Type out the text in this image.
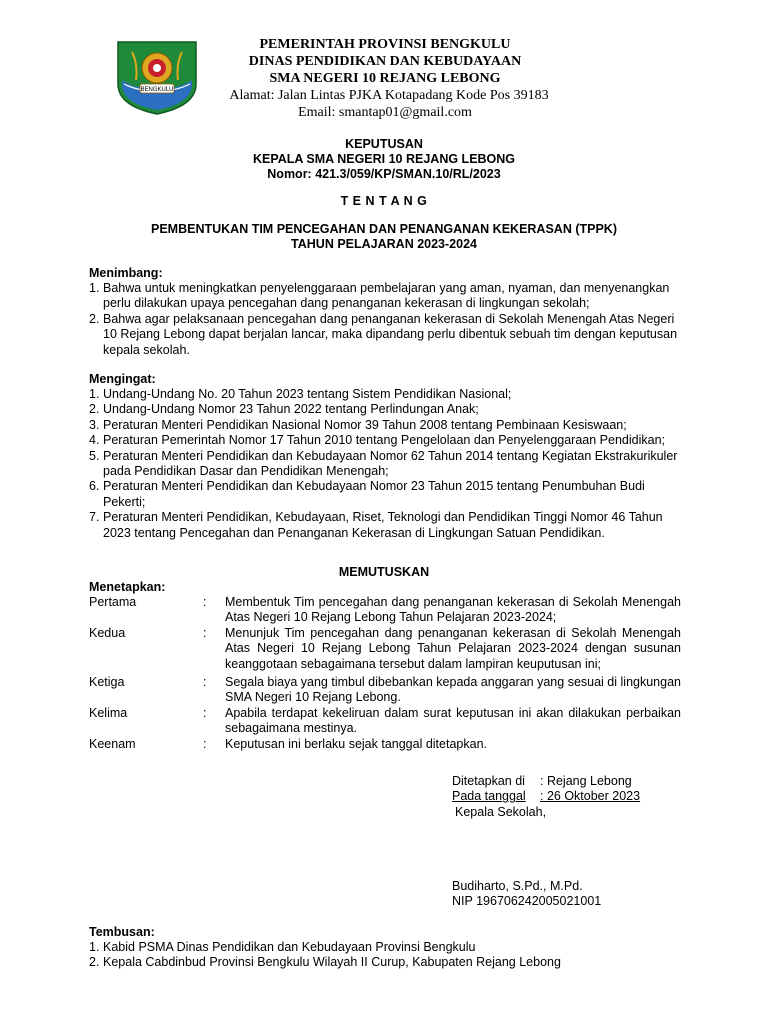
BENGKULU
PEMERINTAH PROVINSI BENGKULU
DINAS PENDIDIKAN DAN KEBUDAYAAN
SMA NEGERI 10 REJANG LEBONG
Alamat: Jalan Lintas PJKA Kotapadang Kode Pos 39183
Email: smantap01@gmail.com
KEPUTUSAN
KEPALA SMA NEGERI 10 REJANG LEBONG
Nomor: 421.3/059/KP/SMAN.10/RL/2023
T E N T A N G
PEMBENTUKAN TIM PENCEGAHAN DAN PENANGANAN KEKERASAN (TPPK)
TAHUN PELAJARAN 2023-2024
Menimbang:
1. Bahwa untuk meningkatkan penyelenggaraan pembelajaran yang aman, nyaman, dan menyenangkan perlu dilakukan upaya pencegahan dang penanganan kekerasan di lingkungan sekolah;
2. Bahwa agar pelaksanaan pencegahan dang penanganan kekerasan di Sekolah Menengah Atas Negeri 10 Rejang Lebong dapat berjalan lancar, maka dipandang perlu dibentuk sebuah tim dengan keputusan kepala sekolah.
Mengingat:
1. Undang-Undang No. 20 Tahun 2023 tentang Sistem Pendidikan Nasional;
2. Undang-Undang Nomor 23 Tahun 2022 tentang Perlindungan Anak;
3. Peraturan Menteri Pendidikan Nasional Nomor 39 Tahun 2008 tentang Pembinaan Kesiswaan;
4. Peraturan Pemerintah Nomor 17 Tahun 2010 tentang Pengelolaan dan Penyelenggaraan Pendidikan;
5. Peraturan Menteri Pendidikan dan Kebudayaan Nomor 62 Tahun 2014 tentang Kegiatan Ekstrakurikuler pada Pendidikan Dasar dan Pendidikan Menengah;
6. Peraturan Menteri Pendidikan dan Kebudayaan Nomor 23 Tahun 2015 tentang Penumbuhan Budi Pekerti;
7. Peraturan Menteri Pendidikan, Kebudayaan, Riset, Teknologi dan Pendidikan Tinggi Nomor 46 Tahun 2023 tentang Pencegahan dan Penanganan Kekerasan di Lingkungan Satuan Pendidikan.
MEMUTUSKAN
Menetapkan:
Pertama	:	Membentuk Tim pencegahan dang penanganan kekerasan di Sekolah Menengah Atas Negeri 10 Rejang Lebong Tahun Pelajaran 2023-2024;
Kedua	:	Menunjuk Tim pencegahan dang penanganan kekerasan di Sekolah Menengah Atas Negeri 10 Rejang Lebong Tahun Pelajaran 2023-2024 dengan susunan keanggotaan sebagaimana tersebut dalam lampiran keuputusan ini;
Ketiga	:	Segala biaya yang timbul dibebankan kepada anggaran yang sesuai di lingkungan SMA Negeri 10 Rejang Lebong.
Kelima	:	Apabila terdapat kekeliruan dalam surat keputusan ini akan dilakukan perbaikan sebagaimana mestinya.
Keenam	:	Keputusan ini berlaku sejak tanggal ditetapkan.
Ditetapkan di	: Rejang Lebong
Pada tanggal	: 26 Oktober 2023
Kepala Sekolah,
Budiharto, S.Pd., M.Pd.
NIP 196706242005021001
Tembusan:
1. Kabid PSMA Dinas Pendidikan dan Kebudayaan Provinsi Bengkulu
2. Kepala Cabdinbud Provinsi Bengkulu Wilayah II Curup, Kabupaten Rejang Lebong
